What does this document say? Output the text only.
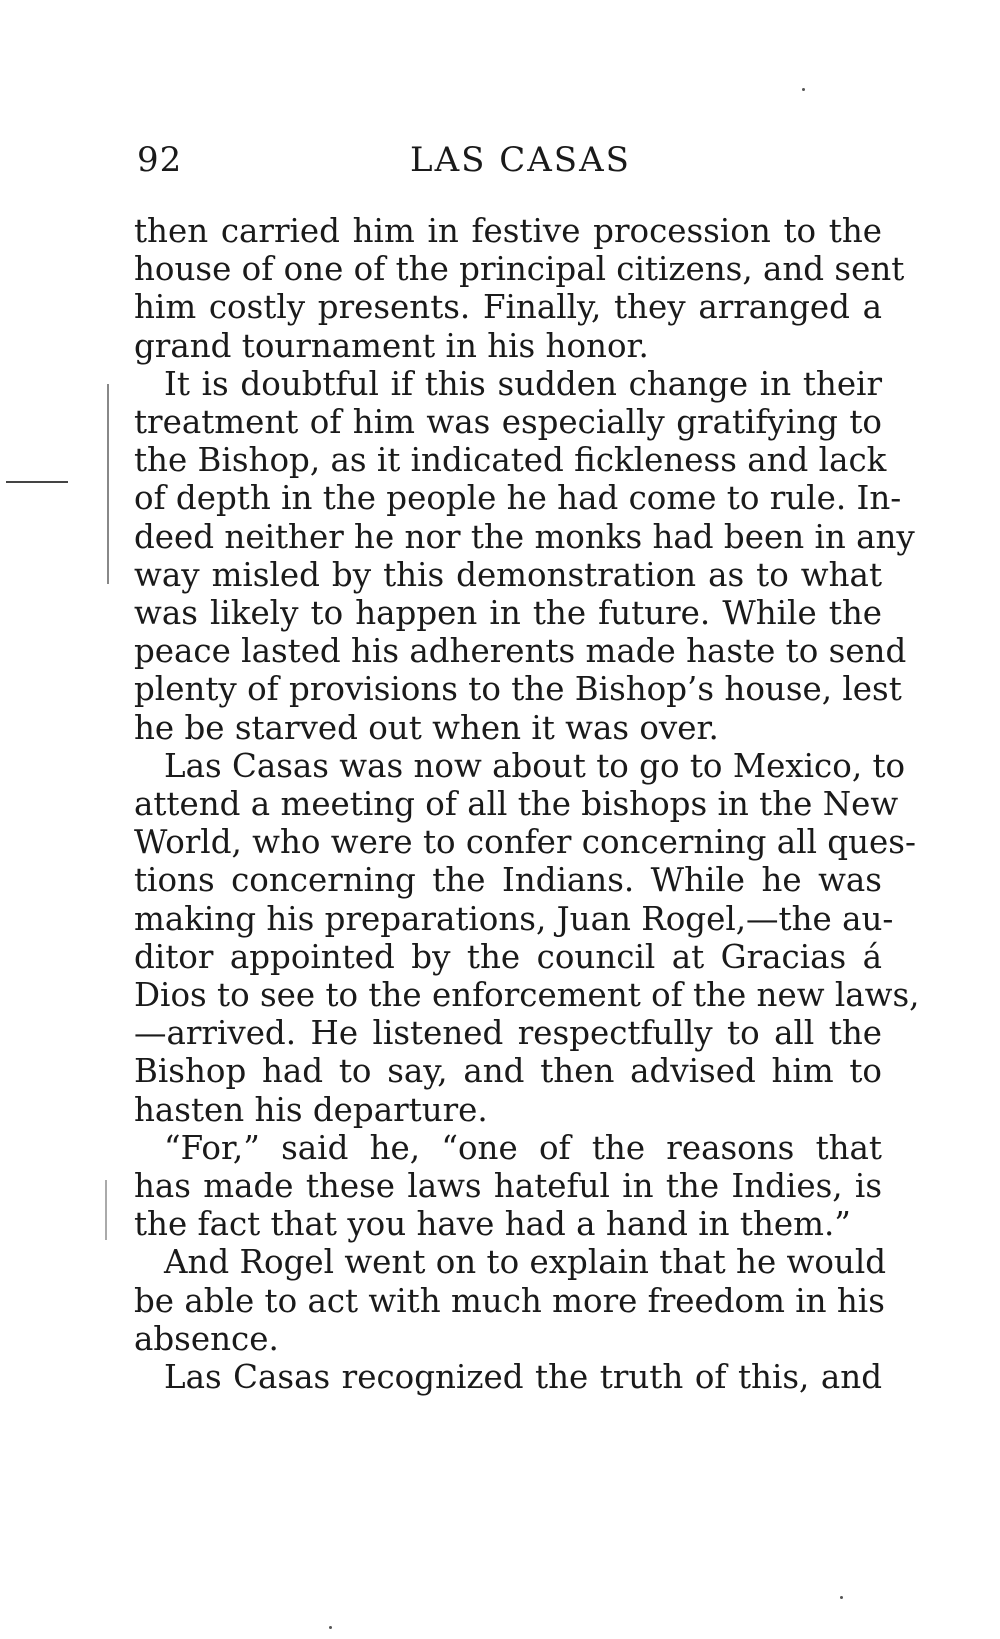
92	LAS CASAS
then carried him in festive procession to the
house of one of the principal citizens, and sent
him costly presents. Finally, they arranged a
grand tournament in his honor.
It is doubtful if this sudden change in their
treatment of him was especially gratifying to
the Bishop, as it indicated fickleness and lack
of depth in the people he had come to rule. In-
deed neither he nor the monks had been in any
way misled by this demonstration as to what
was likely to happen in the future. While the
peace lasted his adherents made haste to send
plenty of provisions to the Bishop’s house, lest
he be starved out when it was over.
Las Casas was now about to go to Mexico, to
attend a meeting of all the bishops in the New
World, who were to confer concerning all ques-
tions concerning the Indians. While he was
making his preparations, Juan Rogel,—the au-
ditor appointed by the council at Gracias á
Dios to see to the enforcement of the new laws,
—arrived. He listened respectfully to all the
Bishop had to say, and then advised him to
hasten his departure.
“For,” said he, “one of the reasons that
has made these laws hateful in the Indies, is
the fact that you have had a hand in them.”
And Rogel went on to explain that he would
be able to act with much more freedom in his
absence.
Las Casas recognized the truth of this, and
